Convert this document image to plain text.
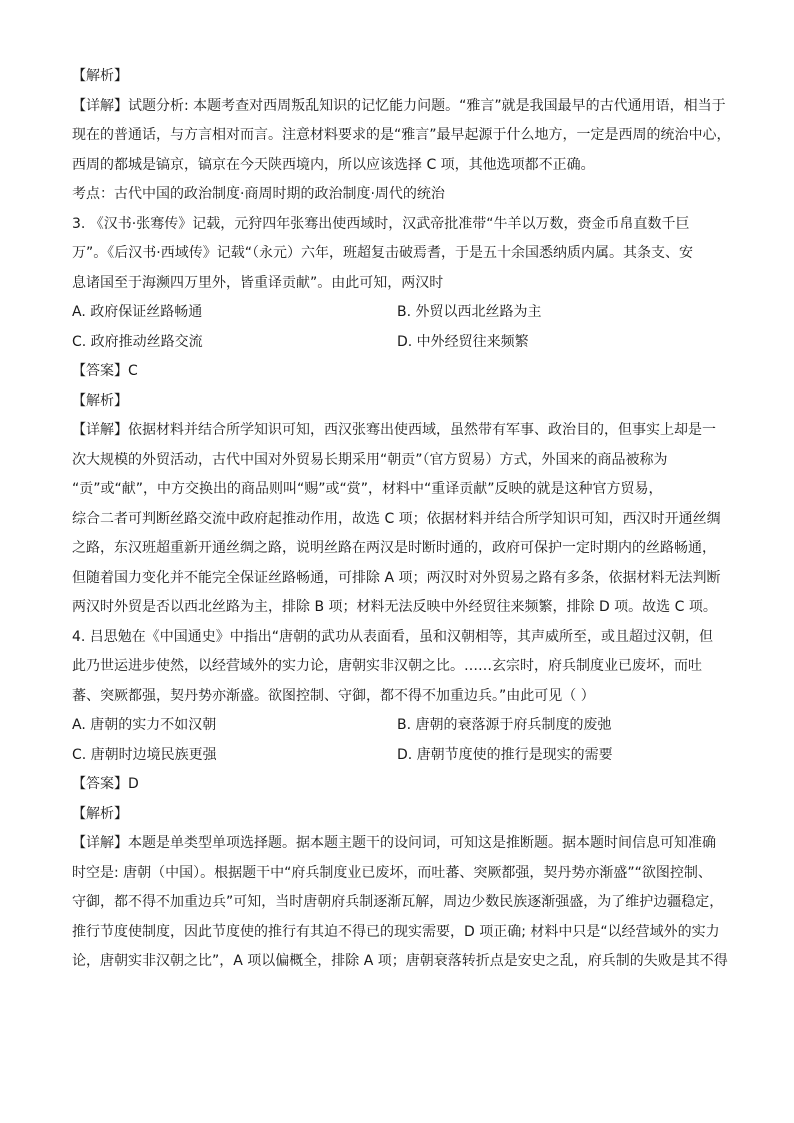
【解析】

【详解】试题分析: 本题考查对西周叛乱知识的记忆能力问题。“雅言”就是我国最早的古代通用语，相当于

现在的普通话，与方言相对而言。注意材料要求的是“雅言”最早起源于什么地方，一定是西周的统治中心，

西周的都城是镐京，镐京在今天陕西境内，所以应该选择 C 项，其他选项都不正确。

考点：古代中国的政治制度·商周时期的政治制度·周代的统治

3. 《汉书·张骞传》记载，元狩四年张骞出使西域时，汉武帝批准带“牛羊以万数，赍金币帛直数千巨

万”。《后汉书·西域传》记载“（永元）六年，班超复击破焉耆，于是五十余国悉纳质内属。其条支、安

息诸国至于海濒四万里外，皆重译贡献”。由此可知，两汉时

A. 政府保证丝路畅通	B. 外贸以西北丝路为主
C. 政府推动丝路交流	D. 中外经贸往来频繁

【答案】C

【解析】

【详解】依据材料并结合所学知识可知，西汉张骞出使西域，虽然带有军事、政治目的，但事实上却是一

次大规模的外贸活动，古代中国对外贸易长期采用“朝贡”（官方贸易）方式，外国来的商品被称为

“贡”或“献”，中方交换出的商品则叫“赐”或“赏”，材料中“重译贡献”反映的就是这种官方贸易，

综合二者可判断丝路交流中政府起推动作用，故选 C 项；依据材料并结合所学知识可知，西汉时开通丝绸

之路，东汉班超重新开通丝绸之路，说明丝路在两汉是时断时通的，政府可保护一定时期内的丝路畅通，

但随着国力变化并不能完全保证丝路畅通，可排除 A 项；两汉时对外贸易之路有多条，依据材料无法判断

两汉时外贸是否以西北丝路为主，排除 B 项；材料无法反映中外经贸往来频繁，排除 D 项。故选 C 项。

4. 吕思勉在《中国通史》中指出“唐朝的武功从表面看，虽和汉朝相等，其声威所至，或且超过汉朝，但

此乃世运进步使然，以经营域外的实力论，唐朝实非汉朝之比。……玄宗时，府兵制度业已废坏，而吐

蕃、突厥都强，契丹势亦渐盛。欲图控制、守御，都不得不加重边兵。”由此可见（ ）

A. 唐朝的实力不如汉朝	B. 唐朝的衰落源于府兵制度的废弛
C. 唐朝时边境民族更强	D. 唐朝节度使的推行是现实的需要

【答案】D

【解析】

【详解】本题是单类型单项选择题。据本题主题干的设问词，可知这是推断题。据本题时间信息可知准确

时空是: 唐朝（中国）。根据题干中“府兵制度业已废坏，而吐蕃、突厥都强，契丹势亦渐盛”“欲图控制、

守御，都不得不加重边兵”可知，当时唐朝府兵制逐渐瓦解，周边少数民族逐渐强盛，为了维护边疆稳定，

推行节度使制度，因此节度使的推行有其迫不得已的现实需要，D 项正确; 材料中只是“以经营域外的实力

论，唐朝实非汉朝之比”，A 项以偏概全，排除 A 项；唐朝衰落转折点是安史之乱，府兵制的失败是其不得
